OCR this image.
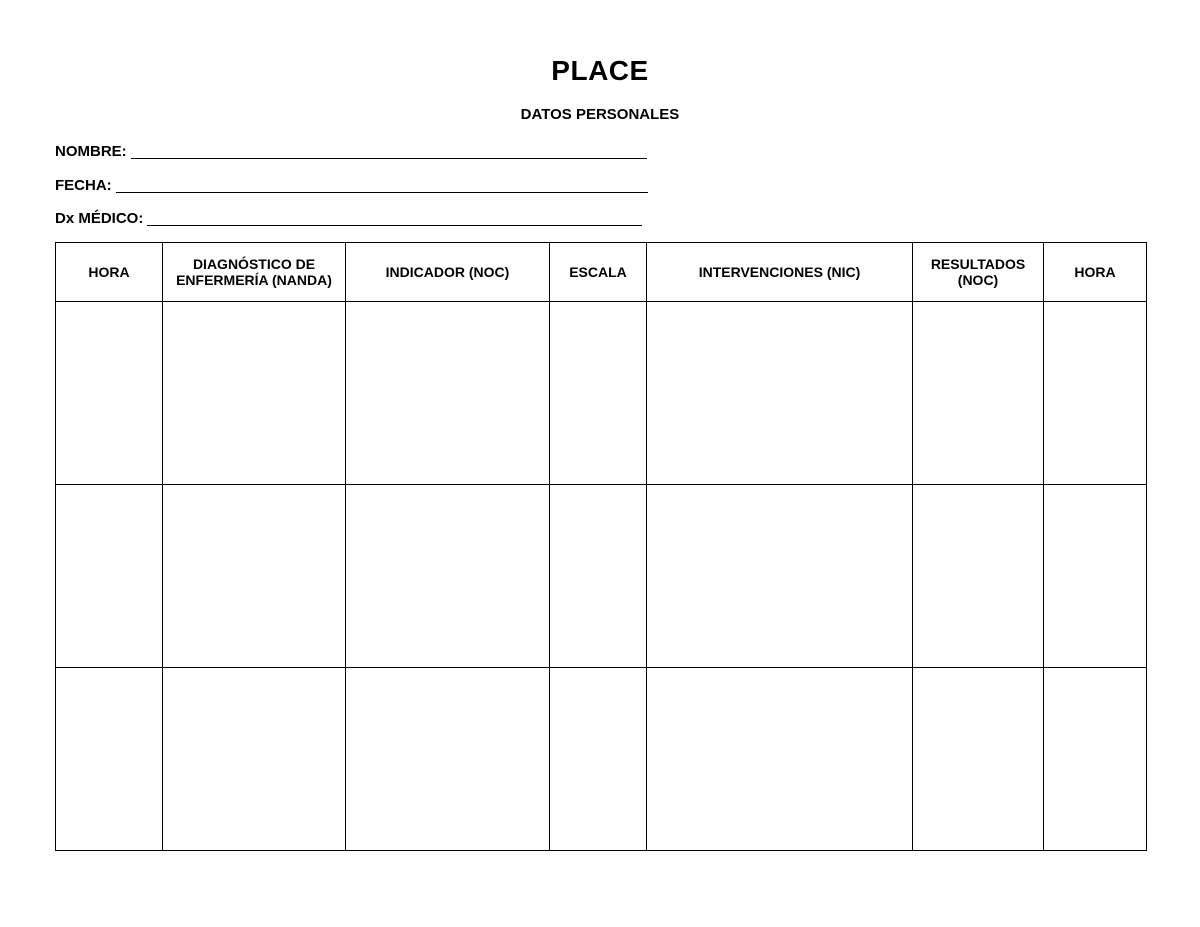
PLACE
DATOS PERSONALES
NOMBRE:
FECHA:
Dx MÉDICO:
HORA	DIAGNÓSTICO DE ENFERMERÍA (NANDA)	INDICADOR (NOC)	ESCALA	INTERVENCIONES (NIC)	RESULTADOS (NOC)	HORA
